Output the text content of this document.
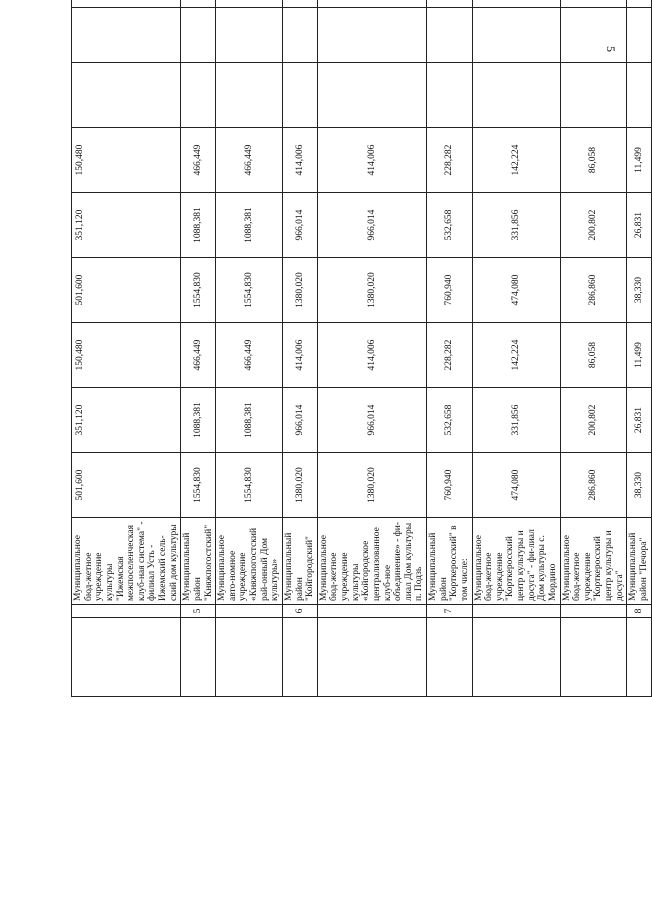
5
		Муниципальное бюд-жетное учреждение культуры "Ижемская межпоселенческая клуб-ная система" - филиал Усть - Ижемский сель-ский дом культуры	501,600	351,120	150,480	501,600	351,120	150,480				
	5	Муниципальный район "Княжпогостский"	1554,830	1088,381	466,449	1554,830	1088,381	466,449				
		Муниципальное авто-номное учреждение «Княжпогостский рай-онный Дом культуры»	1554,830	1088,381	466,449	1554,830	1088,381	466,449				
	6	Муниципальный район "Койгородский"	1380,020	966,014	414,006	1380,020	966,014	414,006				
		Муниципальное бюд-жетное учреждение культуры «Койгородское централизованное клуб-ное объединение» - фи-лиал Дом культуры п. Подзь	1380,020	966,014	414,006	1380,020	966,014	414,006				
	7	Муниципальный район "Корткеросский" в том числе:	760,940	532,658	228,282	760,940	532,658	228,282				
		Муниципальное бюд-жетное учреждение "Корткеросский центр культуры и досуга" - фи-лиал Дом культуры с. Мордино	474,080	331,856	142,224	474,080	331,856	142,224				
		Муниципальное бюд-жетное учреждение "Корткеросский центр культуры и досуга"	286,860	200,802	86,058	286,860	200,802	86,058				
	8	Муниципальный район "Печора"	38,330	26,831	11,499	38,330	26,831	11,499				
